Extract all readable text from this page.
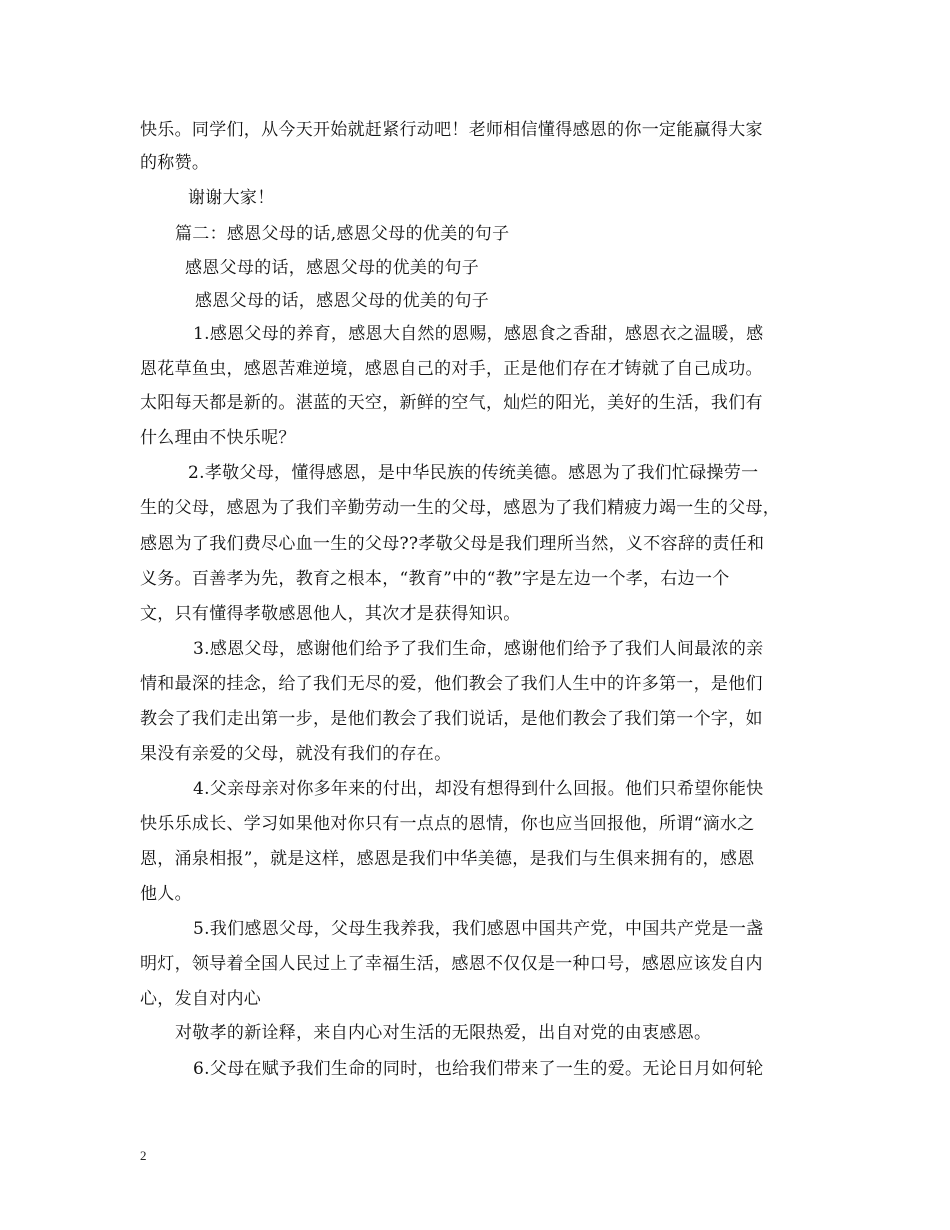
快乐。同学们，从今天开始就赶紧行动吧！老师相信懂得感恩的你一定能赢得大家
的称赞。
谢谢大家！
篇二：感恩父母的话,感恩父母的优美的句子
感恩父母的话，感恩父母的优美的句子
感恩父母的话，感恩父母的优美的句子
1.感恩父母的养育，感恩大自然的恩赐，感恩食之香甜，感恩衣之温暖，感
恩花草鱼虫，感恩苦难逆境，感恩自己的对手，正是他们存在才铸就了自己成功。
太阳每天都是新的。湛蓝的天空，新鲜的空气，灿烂的阳光，美好的生活，我们有
什么理由不快乐呢？
2.孝敬父母，懂得感恩，是中华民族的传统美德。感恩为了我们忙碌操劳一
生的父母，感恩为了我们辛勤劳动一生的父母，感恩为了我们精疲力竭一生的父母，
感恩为了我们费尽心血一生的父母??孝敬父母是我们理所当然，义不容辞的责任和
义务。百善孝为先，教育之根本，“教育”中的“教”字是左边一个孝，右边一个
文，只有懂得孝敬感恩他人，其次才是获得知识。
3.感恩父母，感谢他们给予了我们生命，感谢他们给予了我们人间最浓的亲
情和最深的挂念，给了我们无尽的爱，他们教会了我们人生中的许多第一，是他们
教会了我们走出第一步，是他们教会了我们说话，是他们教会了我们第一个字，如
果没有亲爱的父母，就没有我们的存在。
4.父亲母亲对你多年来的付出，却没有想得到什么回报。他们只希望你能快
快乐乐成长、学习如果他对你只有一点点的恩情，你也应当回报他，所谓“滴水之
恩，涌泉相报”，就是这样，感恩是我们中华美德，是我们与生俱来拥有的，感恩
他人。
5.我们感恩父母，父母生我养我，我们感恩中国共产党，中国共产党是一盏
明灯，领导着全国人民过上了幸福生活，感恩不仅仅是一种口号，感恩应该发自内
心，发自对内心
对敬孝的新诠释，来自内心对生活的无限热爱，出自对党的由衷感恩。
6.父母在赋予我们生命的同时，也给我们带来了一生的爱。无论日月如何轮
2
